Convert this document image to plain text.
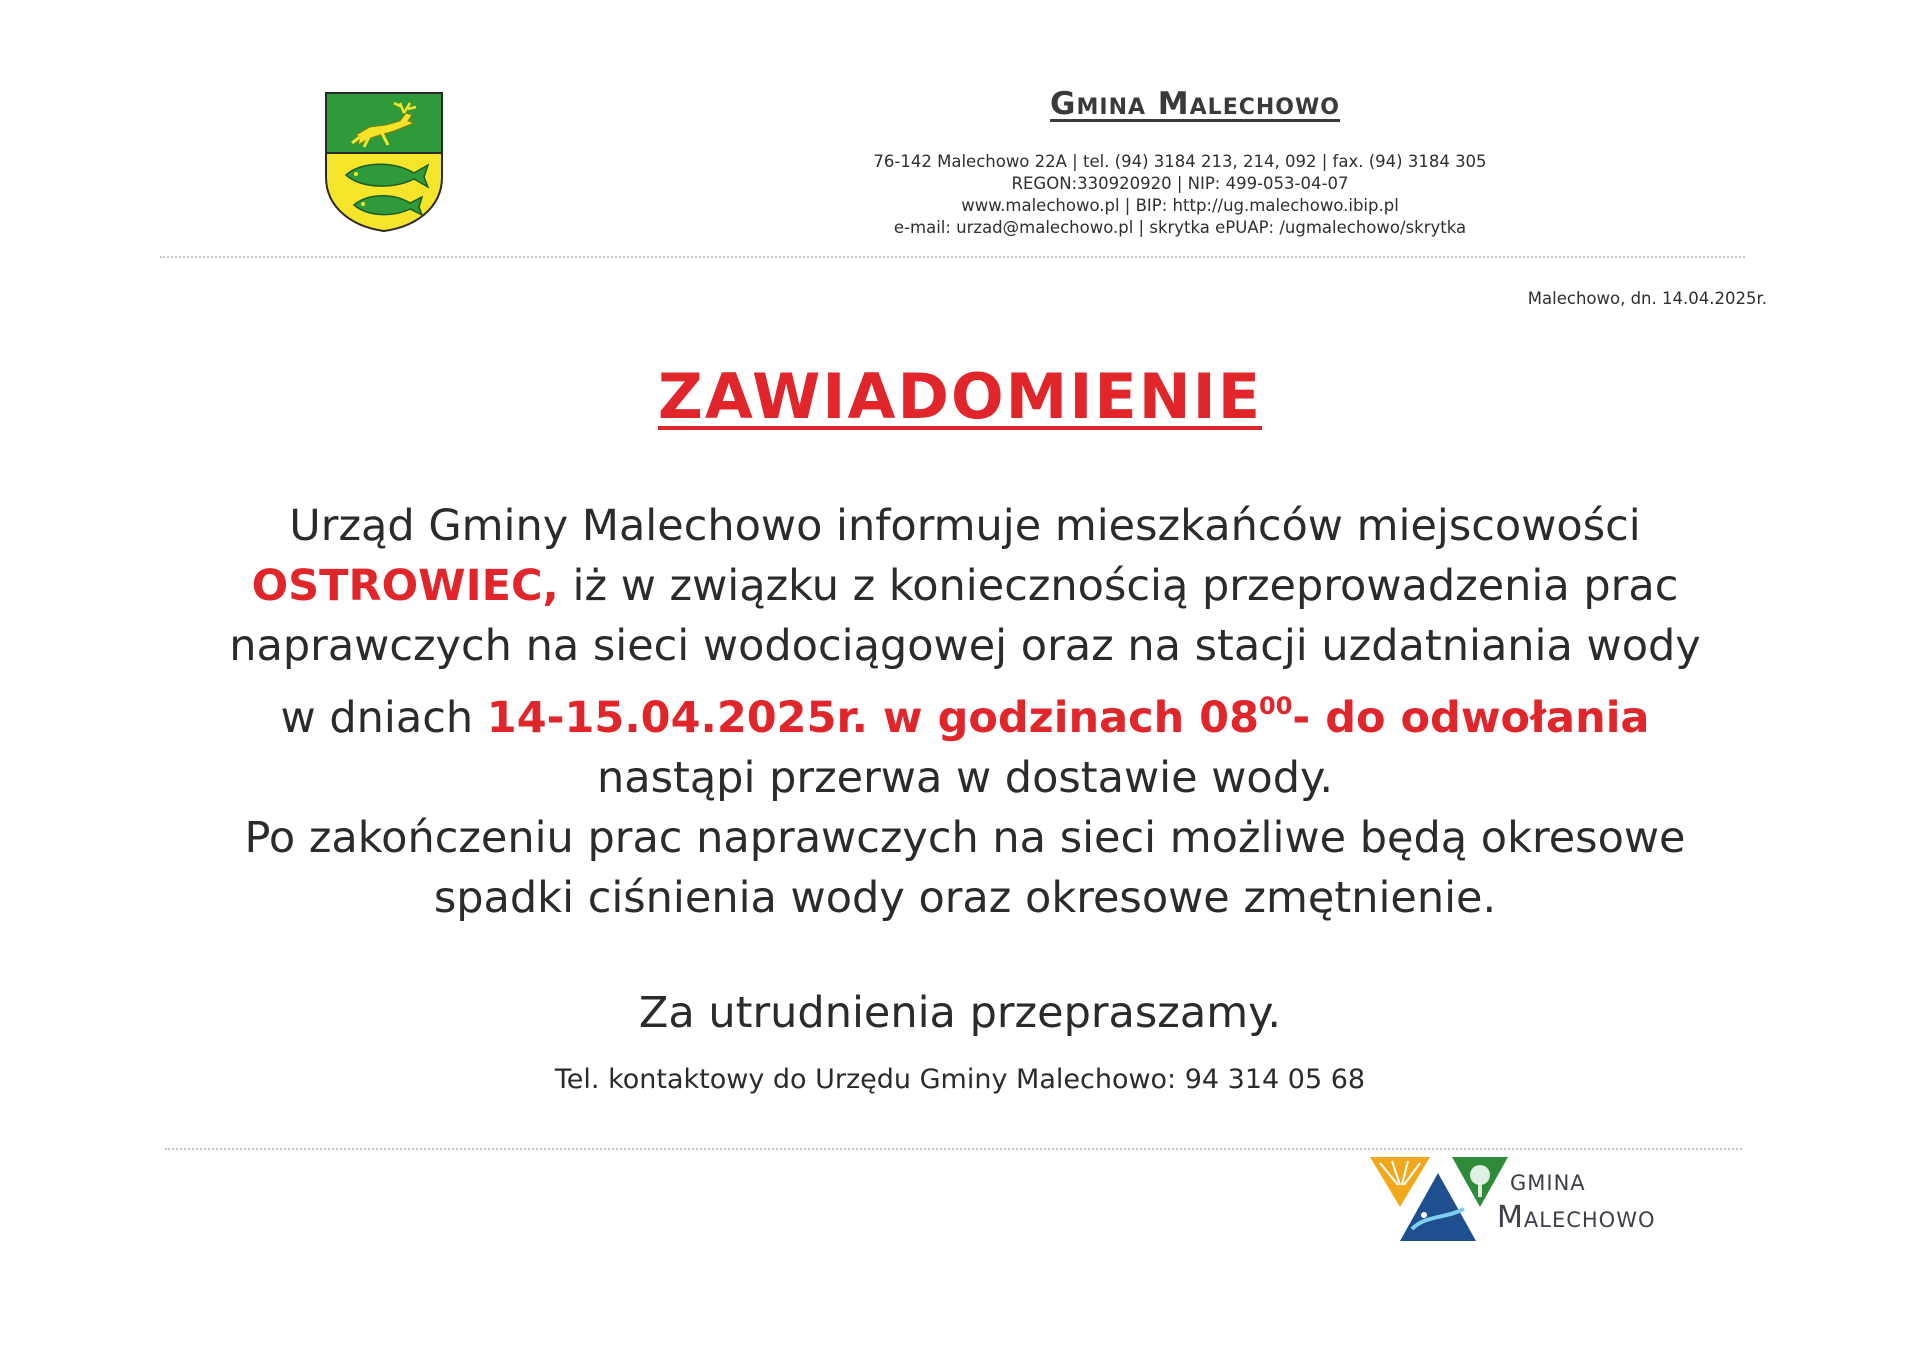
Gmina Malechowo
76-142 Malechowo 22A | tel. (94) 3184 213, 214, 092 | fax. (94) 3184 305
REGON:330920920 | NIP: 499-053-04-07
www.malechowo.pl | BIP: http://ug.malechowo.ibip.pl
e-mail: urzad@malechowo.pl | skrytka ePUAP: /ugmalechowo/skrytka
Malechowo, dn. 14.04.2025r.
ZAWIADOMIENIE
Urząd Gminy Malechowo informuje mieszkańców miejscowości
OSTROWIEC, iż w związku z koniecznością przeprowadzenia prac
naprawczych na sieci wodociągowej oraz na stacji uzdatniania wody
w dniach 14-15.04.2025r. w godzinach $08^{00}-$ do odwołania
nastąpi przerwa w dostawie wody.
Po zakończeniu prac naprawczych na sieci możliwe będą okresowe
spadki ciśnienia wody oraz okresowe zmętnienie.
Za utrudnienia przepraszamy.
Tel. kontaktowy do Urzędu Gminy Malechowo: 94 314 05 68
GMINA
Malechowo
